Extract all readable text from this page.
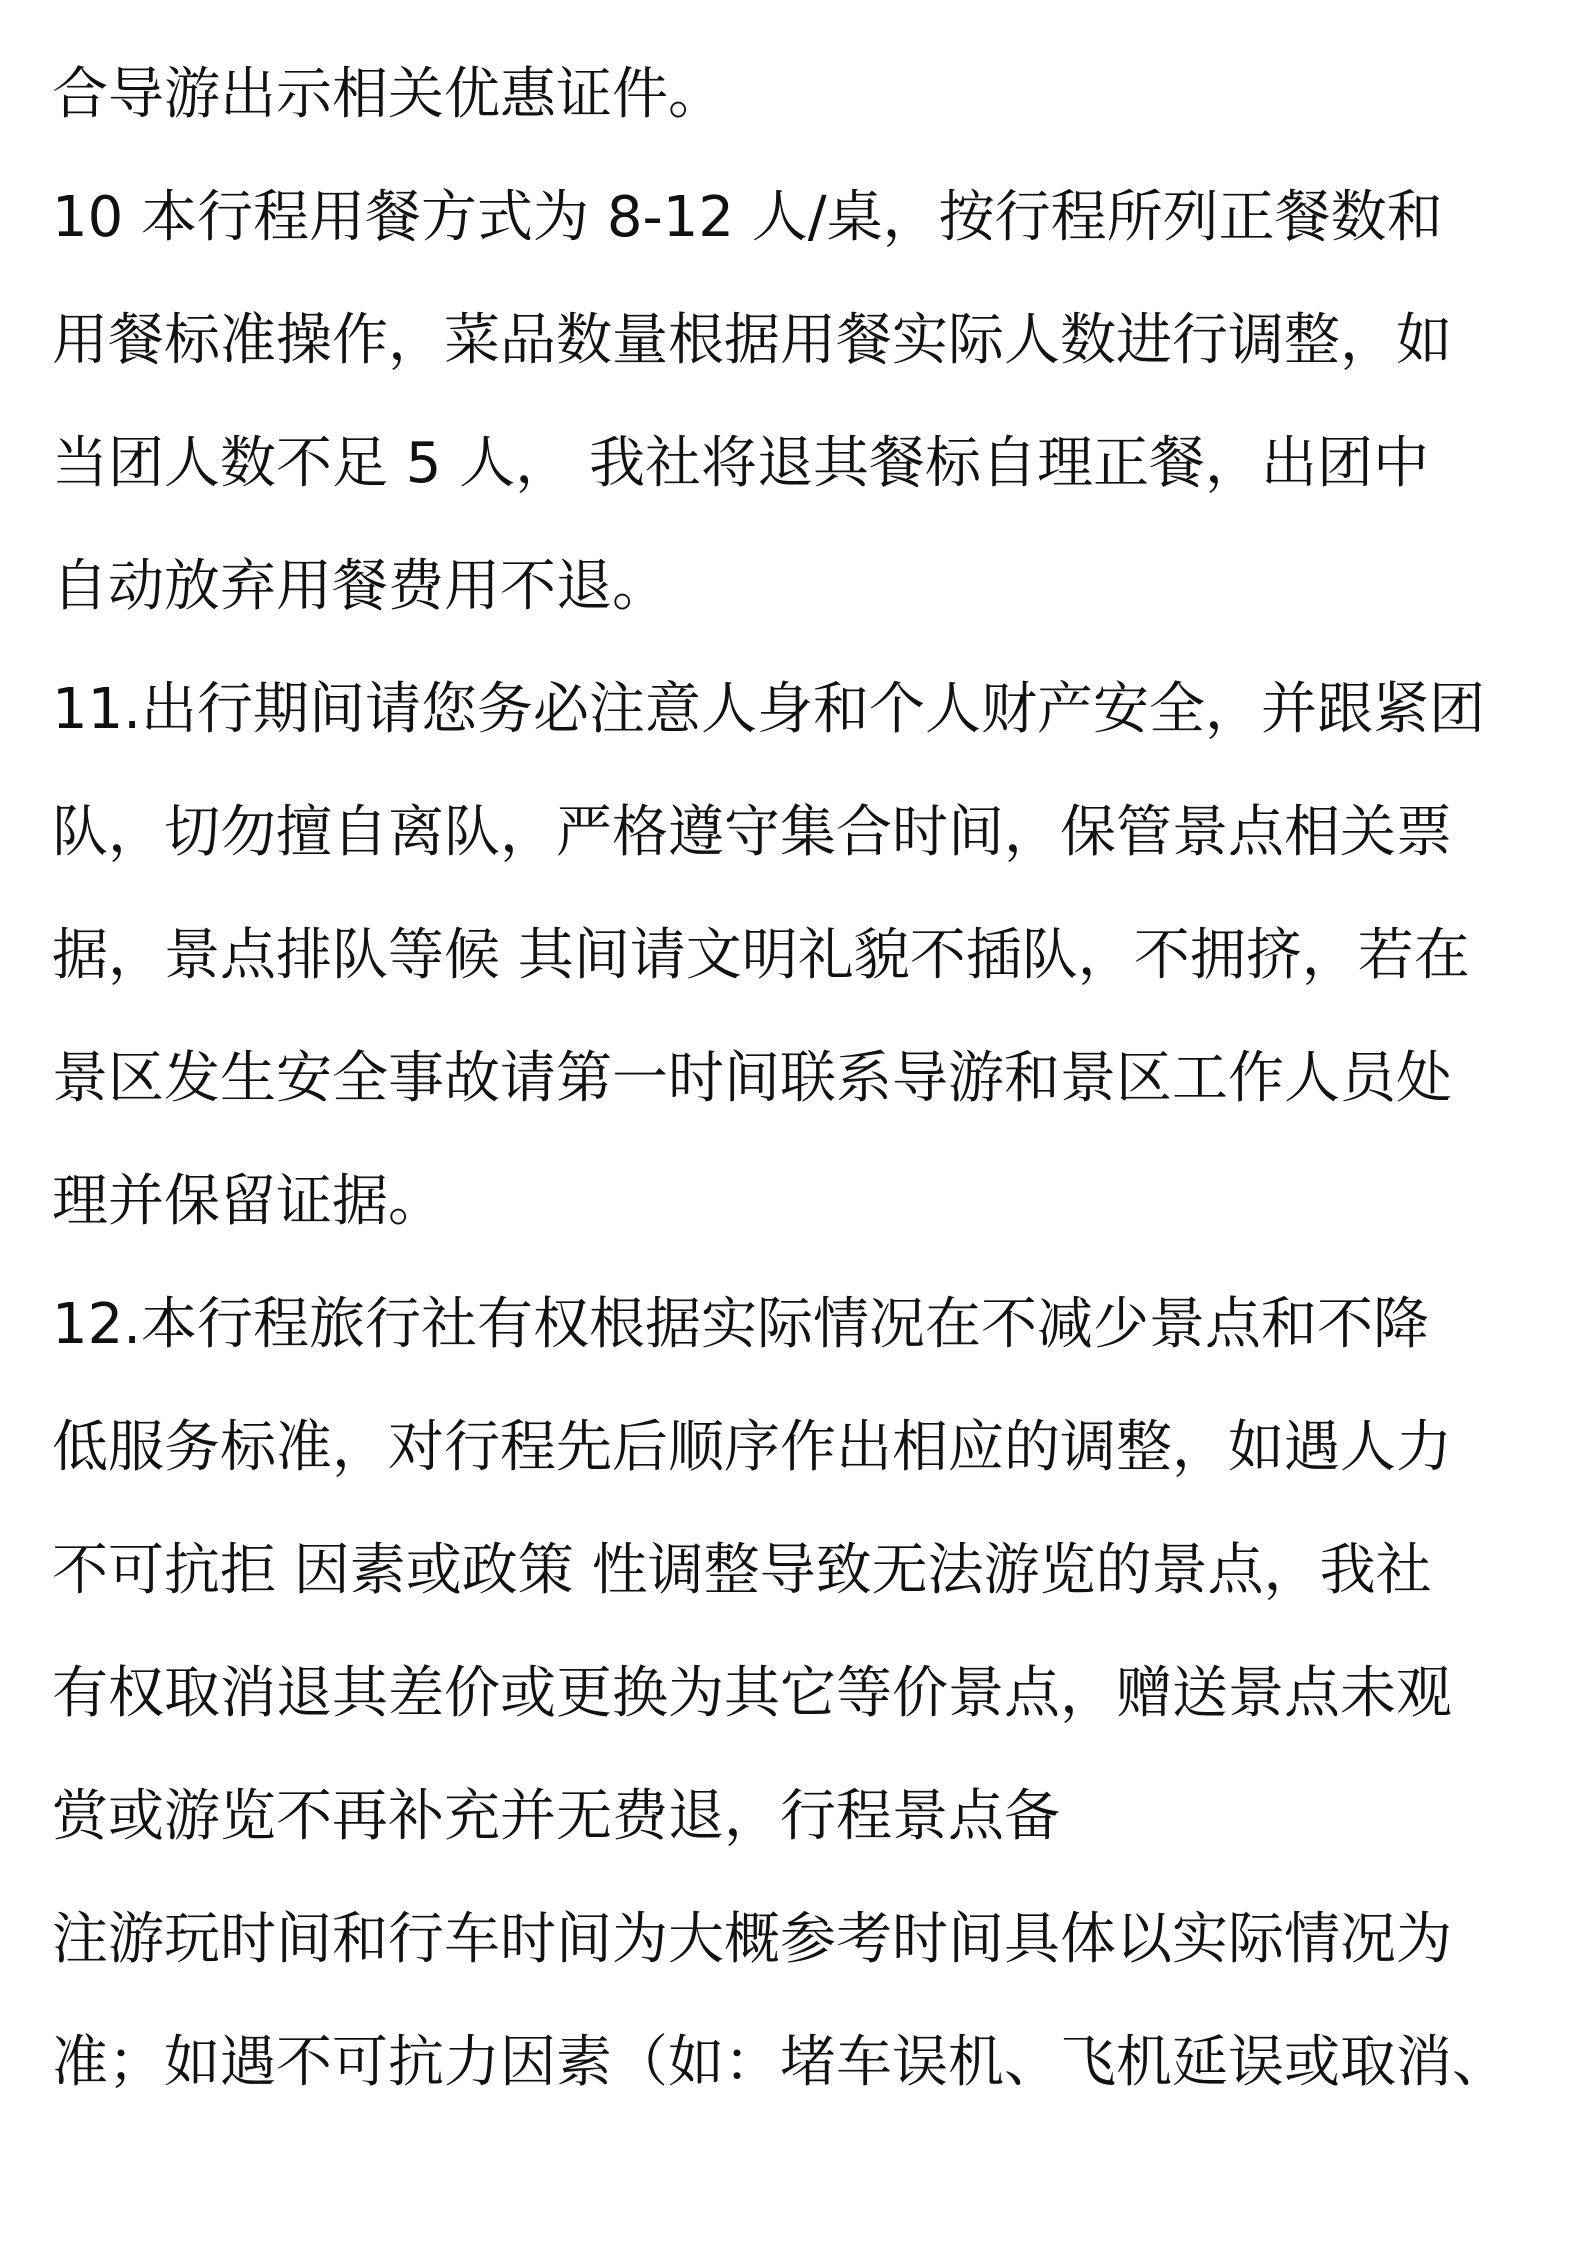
合导游出示相关优惠证件。
10 本行程用餐方式为 8-12 人/桌，按行程所列正餐数和
用餐标准操作，菜品数量根据用餐实际人数进行调整，如
当团人数不足 5 人， 我社将退其餐标自理正餐，出团中
自动放弃用餐费用不退。
11.出行期间请您务必注意人身和个人财产安全，并跟紧团
队，切勿擅自离队，严格遵守集合时间，保管景点相关票
据，景点排队等候 其间请文明礼貌不插队，不拥挤，若在
景区发生安全事故请第一时间联系导游和景区工作人员处
理并保留证据。
12.本行程旅行社有权根据实际情况在不减少景点和不降
低服务标准，对行程先后顺序作出相应的调整，如遇人力
不可抗拒 因素或政策 性调整导致无法游览的景点，我社
有权取消退其差价或更换为其它等价景点，赠送景点未观
赏或游览不再补充并无费退，行程景点备
注游玩时间和行车时间为大概参考时间具体以实际情况为
准；如遇不可抗力因素（如：堵车误机、飞机延误或取消、
